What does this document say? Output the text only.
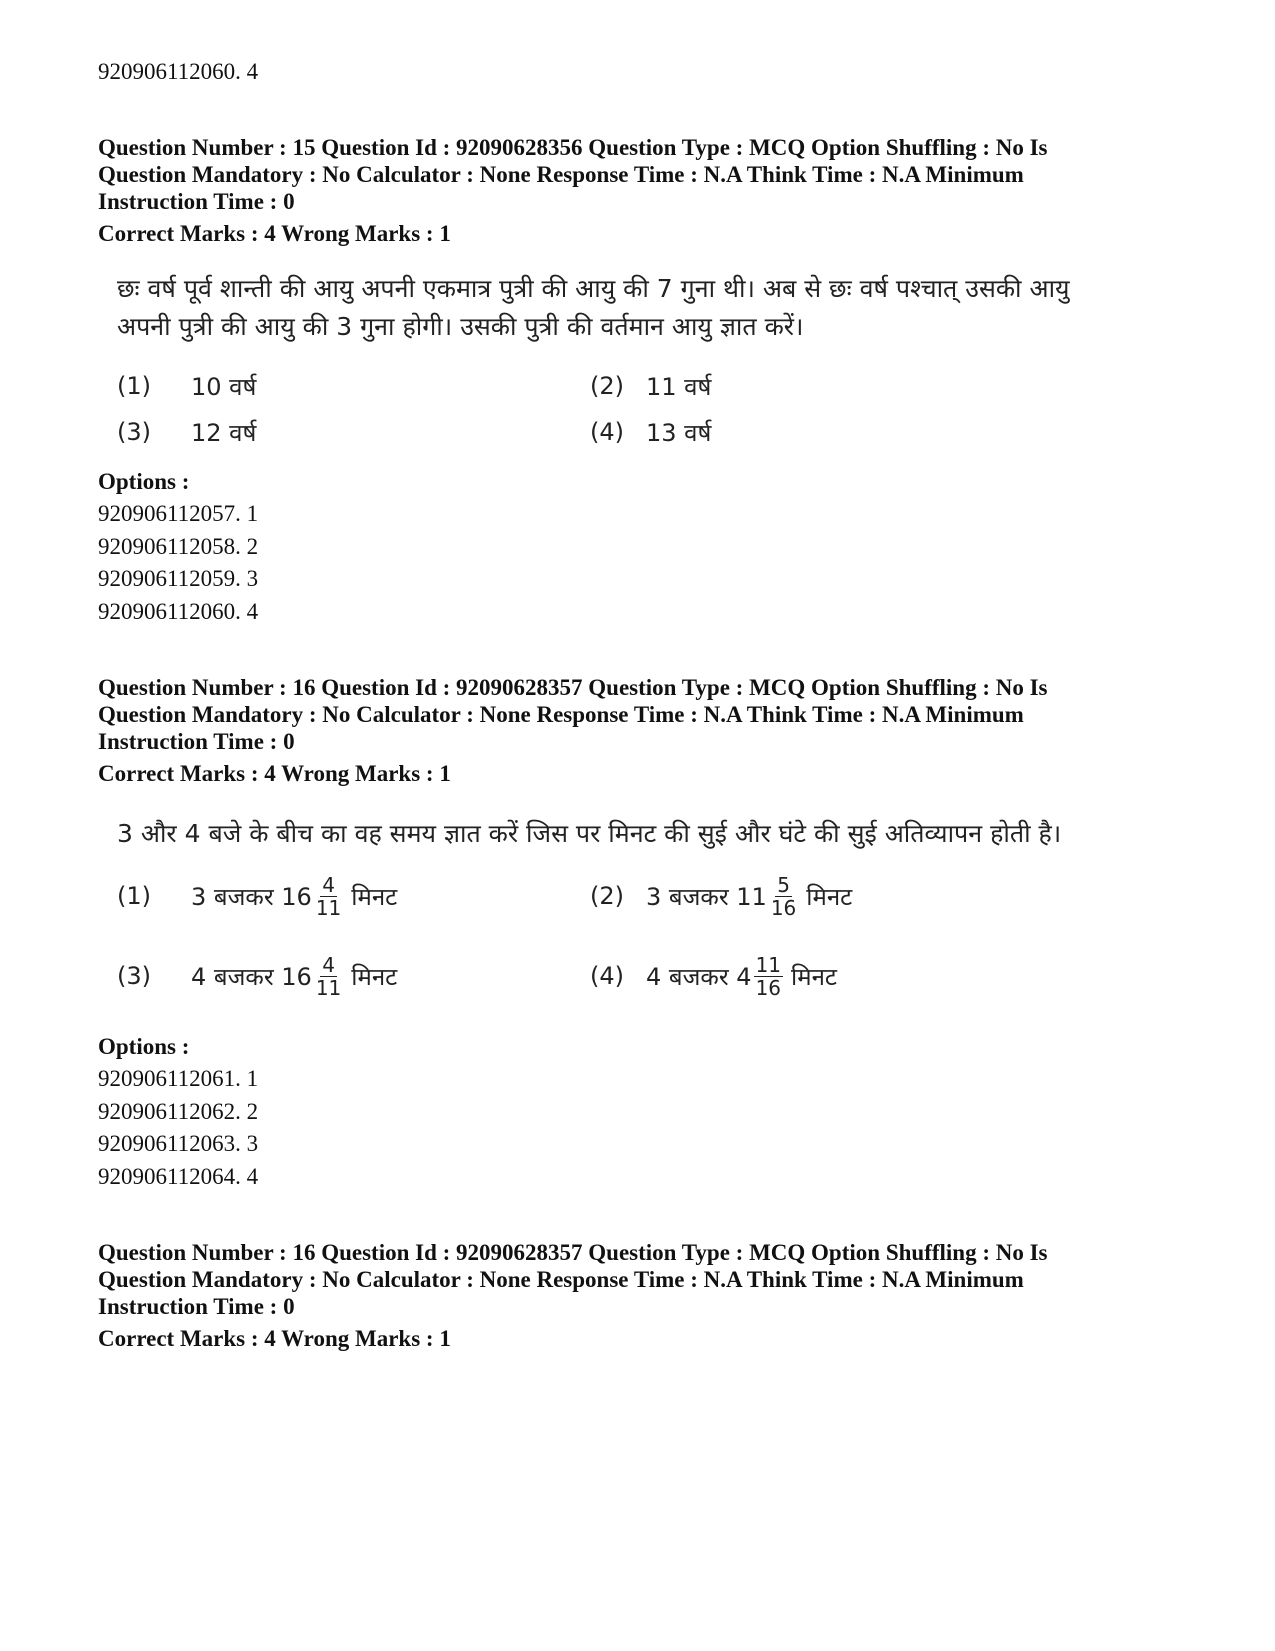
920906112060. 4
Question Number : 15 Question Id : 92090628356 Question Type : MCQ Option Shuffling : No Is
Question Mandatory : No Calculator : None Response Time : N.A Think Time : N.A Minimum
Instruction Time : 0
Correct Marks : 4 Wrong Marks : 1
छः वर्ष पूर्व शान्ती की आयु अपनी एकमात्र पुत्री की आयु की 7 गुना थी। अब से छः वर्ष पश्चात् उसकी आयु
अपनी पुत्री की आयु की 3 गुना होगी। उसकी पुत्री की वर्तमान आयु ज्ञात करें।
(1)	10 वर्ष	(2) 11 वर्ष
(3)	12 वर्ष	(4) 13 वर्ष
Options :
920906112057. 1
920906112058. 2
920906112059. 3
920906112060. 4
Question Number : 16 Question Id : 92090628357 Question Type : MCQ Option Shuffling : No Is
Question Mandatory : No Calculator : None Response Time : N.A Think Time : N.A Minimum
Instruction Time : 0
Correct Marks : 4 Wrong Marks : 1
3 और 4 बजे के बीच का वह समय ज्ञात करें जिस पर मिनट की सुई और घंटे की सुई अतिव्यापन होती है।
(1)	3 बजकर $16 \frac{4}{11}$ मिनट	(2) 3 बजकर $11 \frac{5}{16}$ मिनट
(3)	4 बजकर $16 \frac{4}{11}$ मिनट	(4) 4 बजकर $4 \frac{11}{16}$ मिनट
Options :
920906112061. 1
920906112062. 2
920906112063. 3
920906112064. 4
Question Number : 16 Question Id : 92090628357 Question Type : MCQ Option Shuffling : No Is
Question Mandatory : No Calculator : None Response Time : N.A Think Time : N.A Minimum
Instruction Time : 0
Correct Marks : 4 Wrong Marks : 1
